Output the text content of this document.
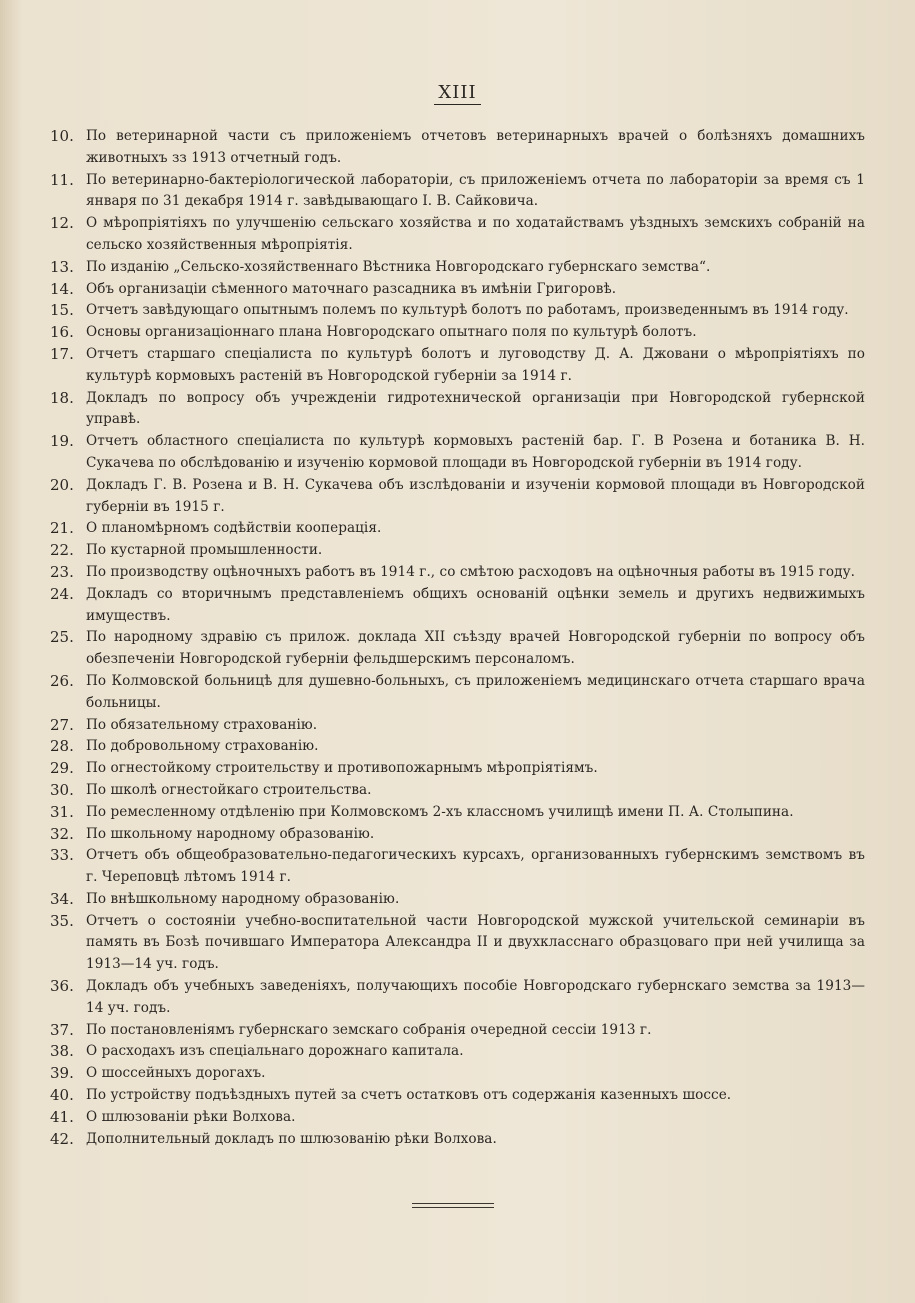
XIII
10. По ветеринарной части съ приложеніемъ отчетовъ ветеринарныхъ врачей о болѣзняхъ домашнихъ животныхъ зз 1913 отчетный годъ.
11. По ветеринарно-бактеріологической лабораторіи, съ приложеніемъ отчета по лабораторіи за время съ 1 января по 31 декабря 1914 г. завѣдывающаго І. В. Сайковича.
12. О мѣропріятіяхъ по улучшенію сельскаго хозяйства и по ходатайствамъ уѣздныхъ земскихъ собраній на сельско хозяйственныя мѣропріятія.
13. По изданію „Сельско-хозяйственнаго Вѣстника Новгородскаго губернскаго земства“.
14. Объ организаціи сѣменного маточнаго разсадника въ имѣніи Григоровѣ.
15. Отчетъ завѣдующаго опытнымъ полемъ по культурѣ болотъ по работамъ, произведеннымъ въ 1914 году.
16. Основы организаціоннаго плана Новгородскаго опытнаго поля по культурѣ болотъ.
17. Отчетъ старшаго спеціалиста по культурѣ болотъ и луговодству Д. А. Джовани о мѣропріятіяхъ по культурѣ кормовыхъ растеній въ Новгородской губерніи за 1914 г.
18. Докладъ по вопросу объ учрежденіи гидротехнической организаціи при Новгородской губернской управѣ.
19. Отчетъ областного спеціалиста по культурѣ кормовыхъ растеній бар. Г. В Розена и ботаника В. Н. Сукачева по обслѣдованію и изученію кормовой площади въ Новгородской губерніи въ 1914 году.
20. Докладъ Г. В. Розена и В. Н. Сукачева объ изслѣдованіи и изученіи кормовой площади въ Новгородской губерніи въ 1915 г.
21. О планомѣрномъ содѣйствіи кооперація.
22. По кустарной промышленности.
23. По производству оцѣночныхъ работъ въ 1914 г., со смѣтою расходовъ на оцѣночныя работы въ 1915 году.
24. Докладъ со вторичнымъ представленіемъ общихъ основаній оцѣнки земель и другихъ недвижимыхъ имуществъ.
25. По народному здравію съ прилож. доклада XII съѣзду врачей Новгородской губерніи по вопросу объ обезпеченіи Новгородской губерніи фельдшерскимъ персоналомъ.
26. По Колмовской больницѣ для душевно-больныхъ, съ приложеніемъ медицинскаго отчета старшаго врача больницы.
27. По обязательному страхованію.
28. По добровольному страхованію.
29. По огнестойкому строительству и противопожарнымъ мѣропріятіямъ.
30. По школѣ огнестойкаго строительства.
31. По ремесленному отдѣленію при Колмовскомъ 2-хъ классномъ училищѣ имени П. А. Столыпина.
32. По школьному народному образованію.
33. Отчетъ объ общеобразовательно-педагогическихъ курсахъ, организованныхъ губернскимъ земствомъ въ г. Череповцѣ лѣтомъ 1914 г.
34. По внѣшкольному народному образованію.
35. Отчетъ о состояніи учебно-воспитательной части Новгородской мужской учительской семинаріи въ память въ Бозѣ почившаго Императора Александра II и двухкласснаго образцоваго при ней училища за 1913—14 уч. годъ.
36. Докладъ объ учебныхъ заведеніяхъ, получающихъ пособіе Новгородскаго губернскаго земства за 1913—14 уч. годъ.
37. По постановленіямъ губернскаго земскаго собранія очередной сессіи 1913 г.
38. О расходахъ изъ спеціальнаго дорожнаго капитала.
39. О шоссейныхъ дорогахъ.
40. По устройству подъѣздныхъ путей за счетъ остатковъ отъ содержанія казенныхъ шоссе.
41. О шлюзованіи рѣки Волхова.
42. Дополнительный докладъ по шлюзованію рѣки Волхова.
